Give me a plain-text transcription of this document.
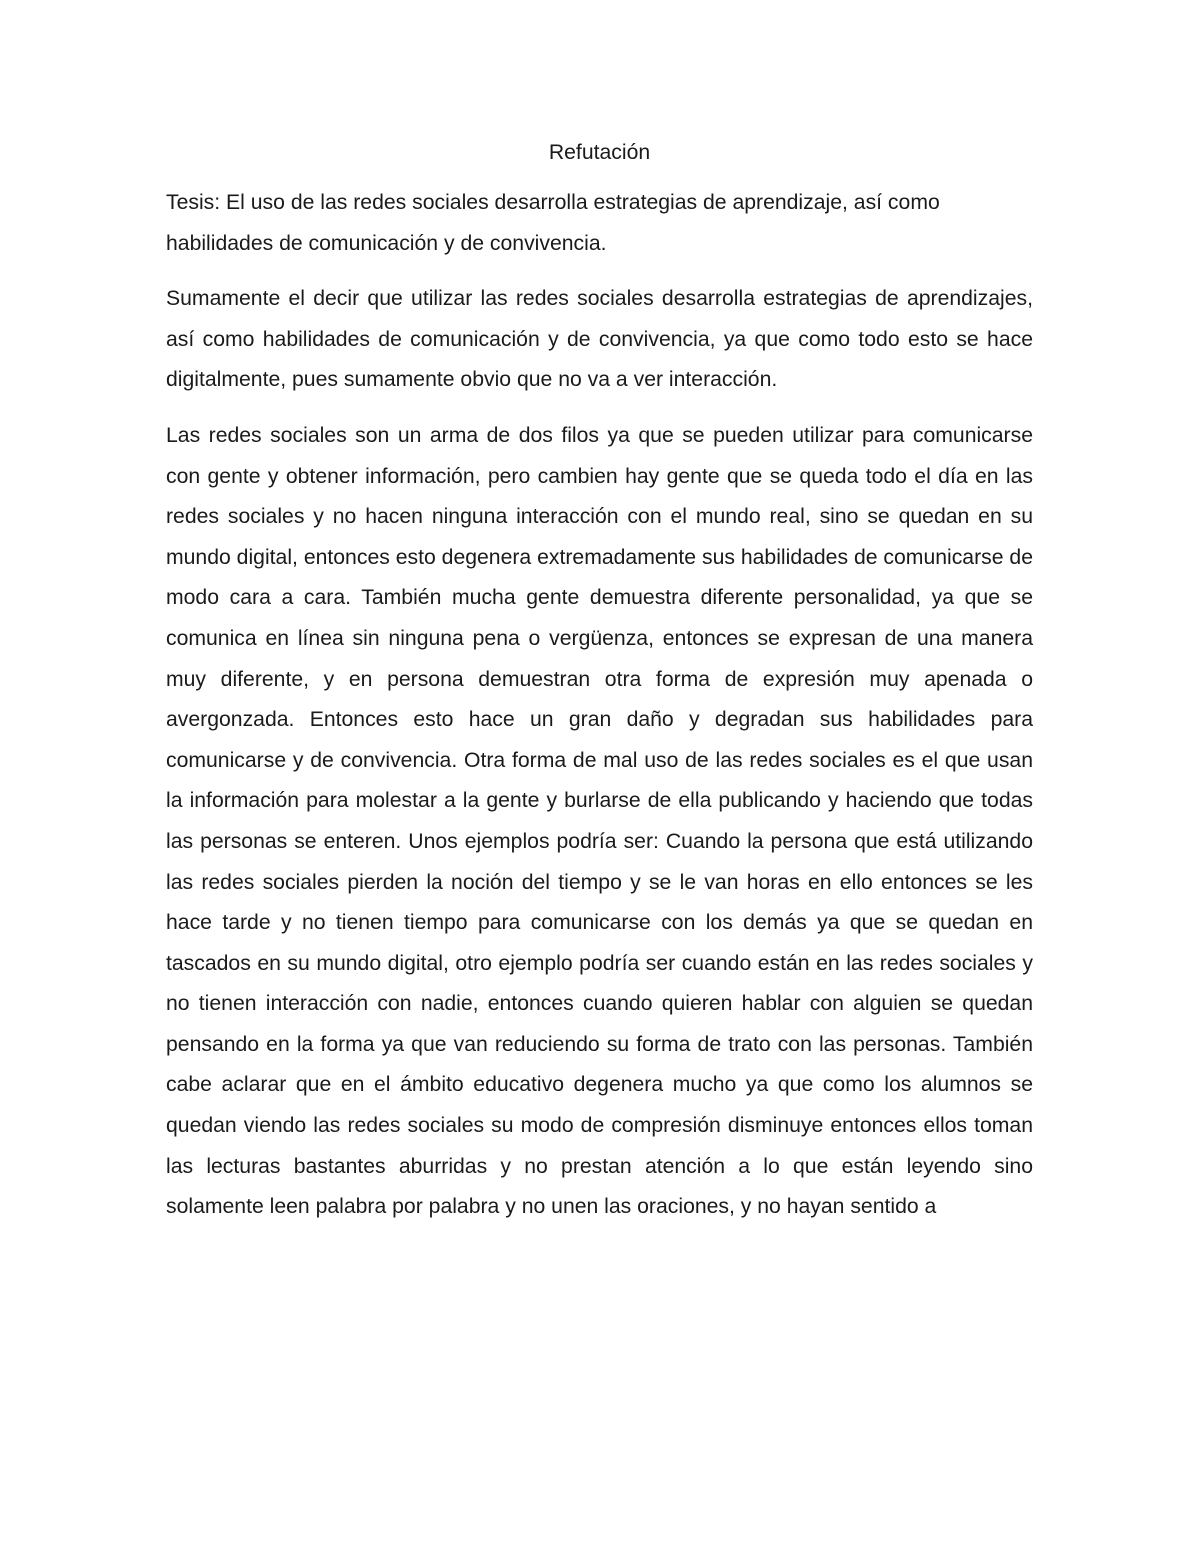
Refutación

Tesis: El uso de las redes sociales desarrolla estrategias de aprendizaje, así como habilidades de comunicación y de convivencia.

Sumamente el decir que utilizar las redes sociales desarrolla estrategias de aprendizajes, así como habilidades de comunicación y de convivencia, ya que como todo esto se hace digitalmente, pues sumamente obvio que no va a ver interacción.

Las redes sociales son un arma de dos filos ya que se pueden utilizar para comunicarse con gente y obtener información, pero cambien hay gente que se queda todo el día en las redes sociales y no hacen ninguna interacción con el mundo real, sino se quedan en su mundo digital, entonces esto degenera extremadamente sus habilidades de comunicarse de modo cara a cara. También mucha gente demuestra diferente personalidad, ya que se comunica en línea sin ninguna pena o vergüenza, entonces se expresan de una manera muy diferente, y en persona demuestran otra forma de expresión muy apenada o avergonzada. Entonces esto hace un gran daño y degradan sus habilidades para comunicarse y de convivencia. Otra forma de mal uso de las redes sociales es el que usan la información para molestar a la gente y burlarse de ella publicando y haciendo que todas las personas se enteren. Unos ejemplos podría ser: Cuando la persona que está utilizando las redes sociales pierden la noción del tiempo y se le van horas en ello entonces se les hace tarde y no tienen tiempo para comunicarse con los demás ya que se quedan en tascados en su mundo digital, otro ejemplo podría ser cuando están en las redes sociales y no tienen interacción con nadie, entonces cuando quieren hablar con alguien se quedan pensando en la forma ya que van reduciendo su forma de trato con las personas. También cabe aclarar que en el ámbito educativo degenera mucho ya que como los alumnos se quedan viendo las redes sociales su modo de compresión disminuye entonces ellos toman las lecturas bastantes aburridas y no prestan atención a lo que están leyendo sino solamente leen palabra por palabra y no unen las oraciones, y no hayan sentido a
